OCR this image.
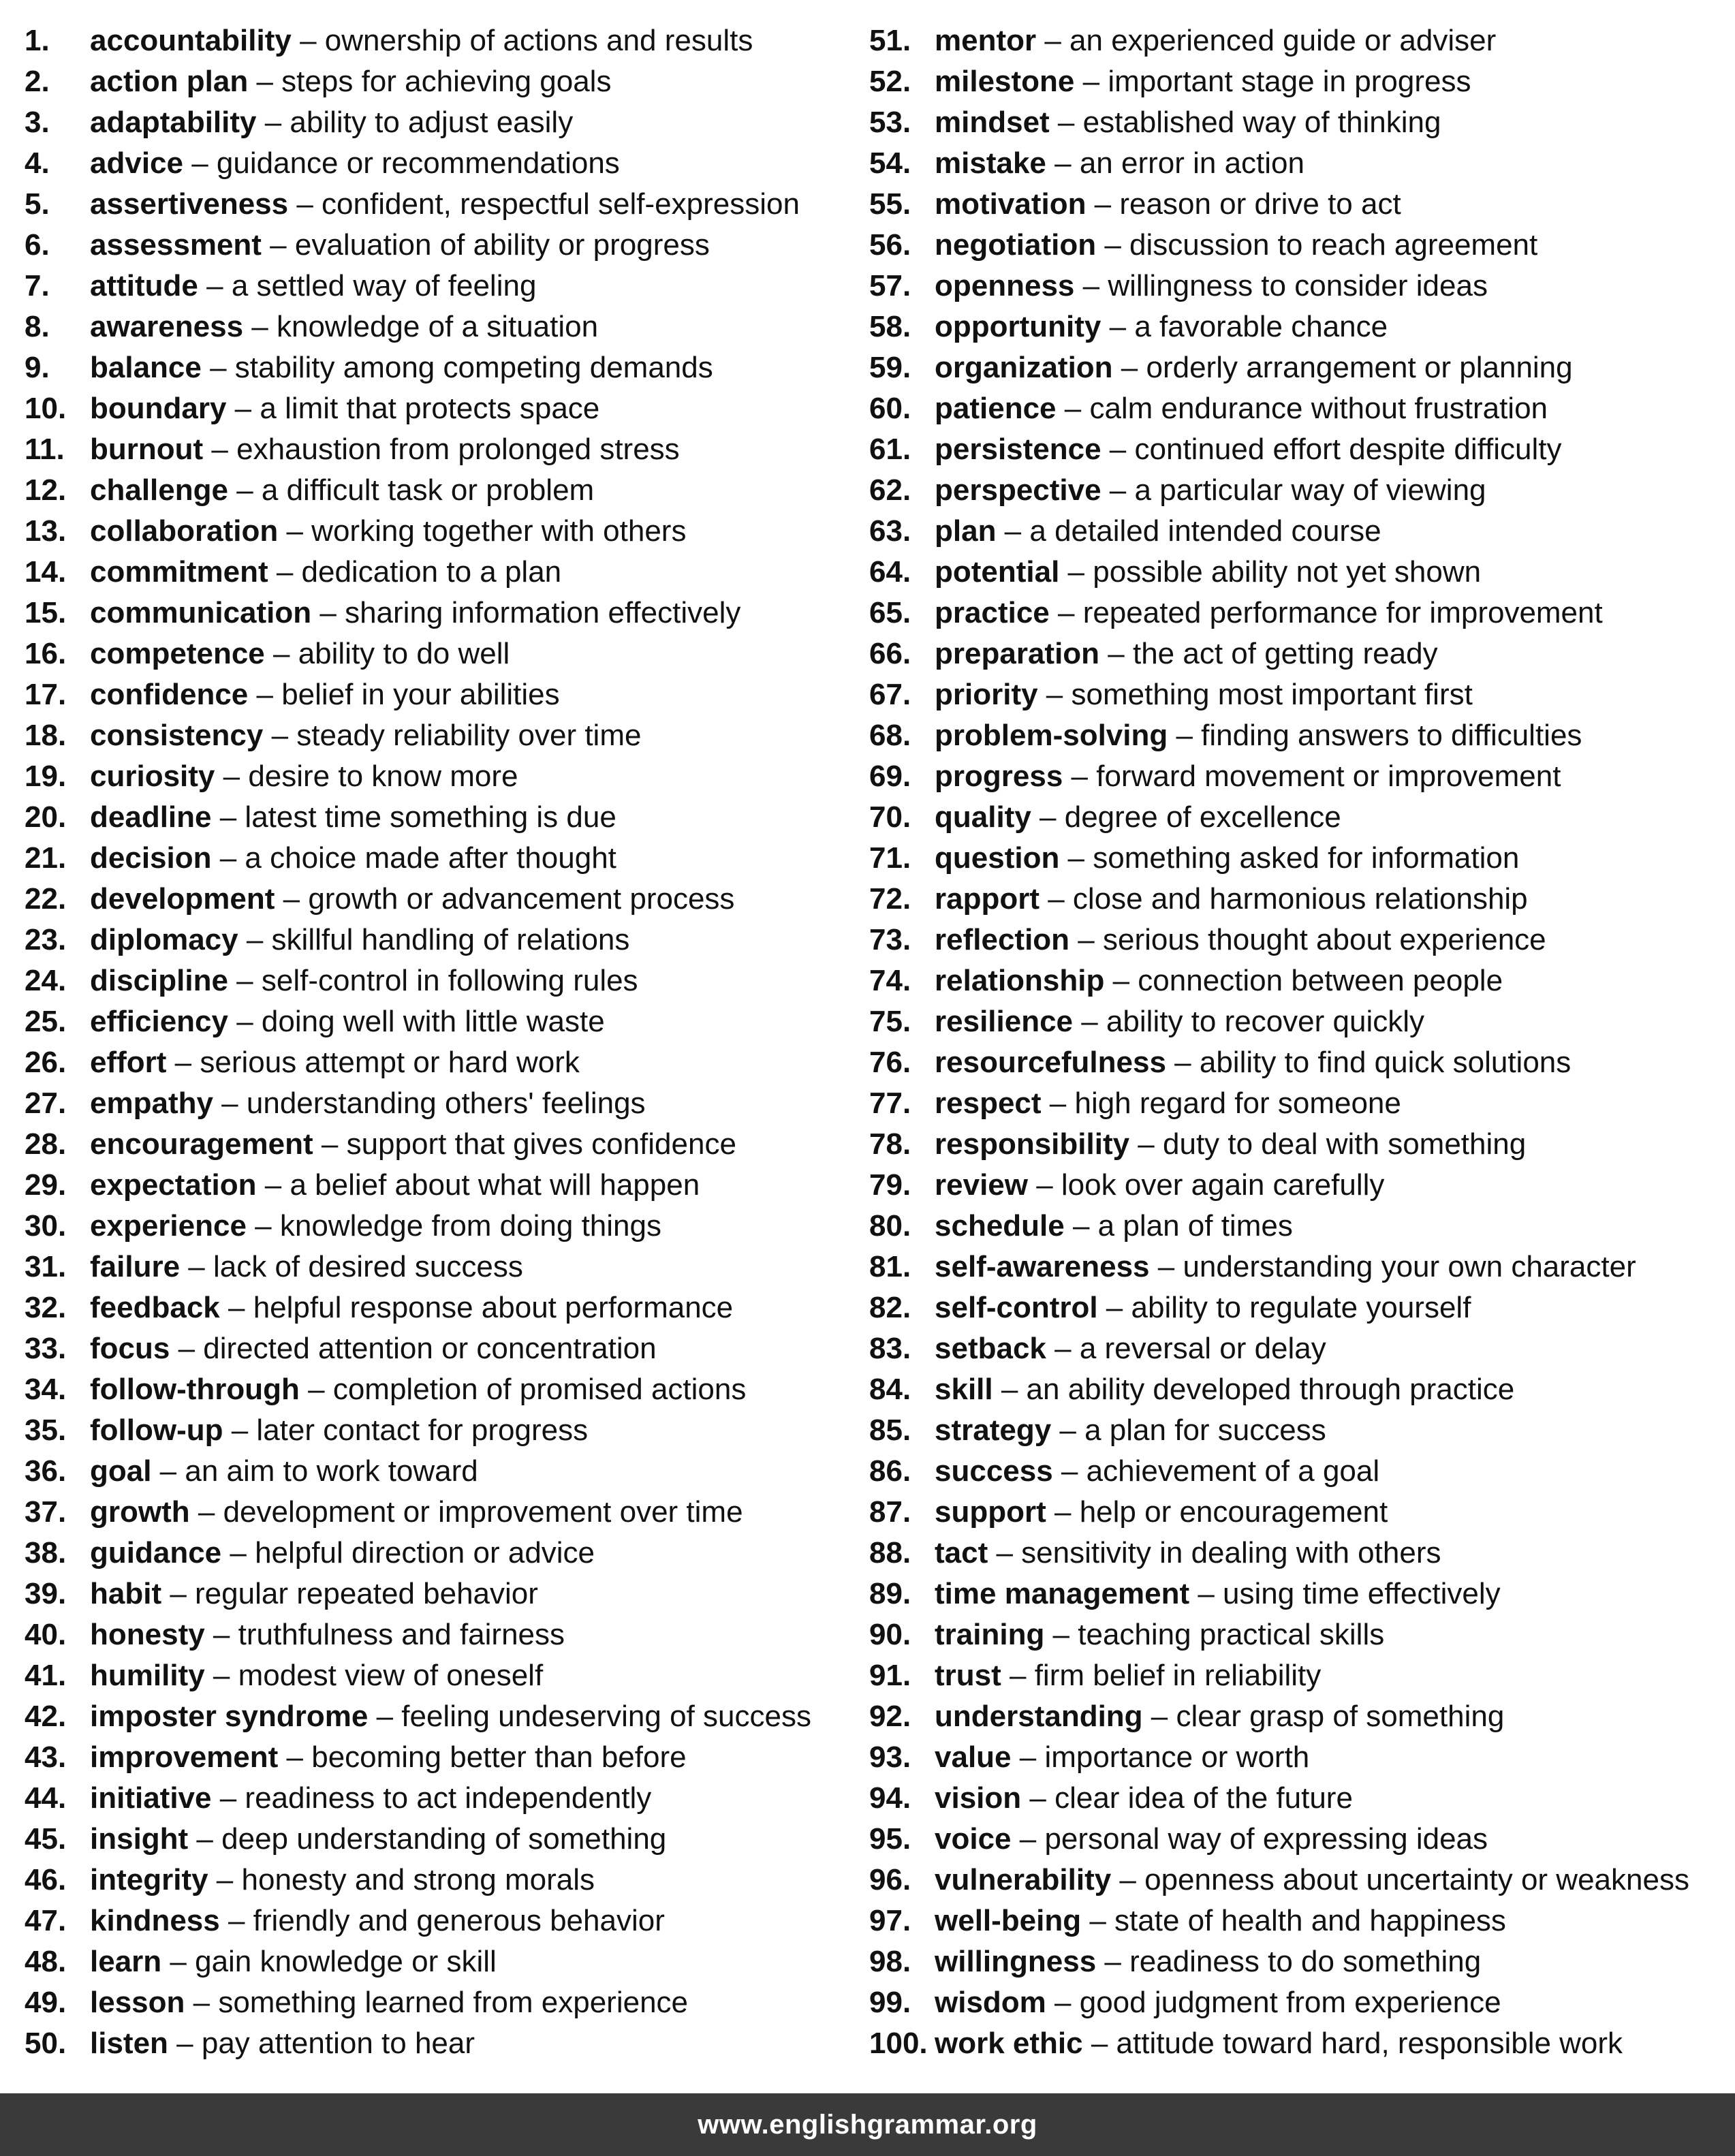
1. accountability – ownership of actions and results
2. action plan – steps for achieving goals
3. adaptability – ability to adjust easily
4. advice – guidance or recommendations
5. assertiveness – confident, respectful self-expression
6. assessment – evaluation of ability or progress
7. attitude – a settled way of feeling
8. awareness – knowledge of a situation
9. balance – stability among competing demands
10. boundary – a limit that protects space
11. burnout – exhaustion from prolonged stress
12. challenge – a difficult task or problem
13. collaboration – working together with others
14. commitment – dedication to a plan
15. communication – sharing information effectively
16. competence – ability to do well
17. confidence – belief in your abilities
18. consistency – steady reliability over time
19. curiosity – desire to know more
20. deadline – latest time something is due
21. decision – a choice made after thought
22. development – growth or advancement process
23. diplomacy – skillful handling of relations
24. discipline – self-control in following rules
25. efficiency – doing well with little waste
26. effort – serious attempt or hard work
27. empathy – understanding others' feelings
28. encouragement – support that gives confidence
29. expectation – a belief about what will happen
30. experience – knowledge from doing things
31. failure – lack of desired success
32. feedback – helpful response about performance
33. focus – directed attention or concentration
34. follow-through – completion of promised actions
35. follow-up – later contact for progress
36. goal – an aim to work toward
37. growth – development or improvement over time
38. guidance – helpful direction or advice
39. habit – regular repeated behavior
40. honesty – truthfulness and fairness
41. humility – modest view of oneself
42. imposter syndrome – feeling undeserving of success
43. improvement – becoming better than before
44. initiative – readiness to act independently
45. insight – deep understanding of something
46. integrity – honesty and strong morals
47. kindness – friendly and generous behavior
48. learn – gain knowledge or skill
49. lesson – something learned from experience
50. listen – pay attention to hear
51. mentor – an experienced guide or adviser
52. milestone – important stage in progress
53. mindset – established way of thinking
54. mistake – an error in action
55. motivation – reason or drive to act
56. negotiation – discussion to reach agreement
57. openness – willingness to consider ideas
58. opportunity – a favorable chance
59. organization – orderly arrangement or planning
60. patience – calm endurance without frustration
61. persistence – continued effort despite difficulty
62. perspective – a particular way of viewing
63. plan – a detailed intended course
64. potential – possible ability not yet shown
65. practice – repeated performance for improvement
66. preparation – the act of getting ready
67. priority – something most important first
68. problem-solving – finding answers to difficulties
69. progress – forward movement or improvement
70. quality – degree of excellence
71. question – something asked for information
72. rapport – close and harmonious relationship
73. reflection – serious thought about experience
74. relationship – connection between people
75. resilience – ability to recover quickly
76. resourcefulness – ability to find quick solutions
77. respect – high regard for someone
78. responsibility – duty to deal with something
79. review – look over again carefully
80. schedule – a plan of times
81. self-awareness – understanding your own character
82. self-control – ability to regulate yourself
83. setback – a reversal or delay
84. skill – an ability developed through practice
85. strategy – a plan for success
86. success – achievement of a goal
87. support – help or encouragement
88. tact – sensitivity in dealing with others
89. time management – using time effectively
90. training – teaching practical skills
91. trust – firm belief in reliability
92. understanding – clear grasp of something
93. value – importance or worth
94. vision – clear idea of the future
95. voice – personal way of expressing ideas
96. vulnerability – openness about uncertainty or weakness
97. well-being – state of health and happiness
98. willingness – readiness to do something
99. wisdom – good judgment from experience
100. work ethic – attitude toward hard, responsible work
www.englishgrammar.org
